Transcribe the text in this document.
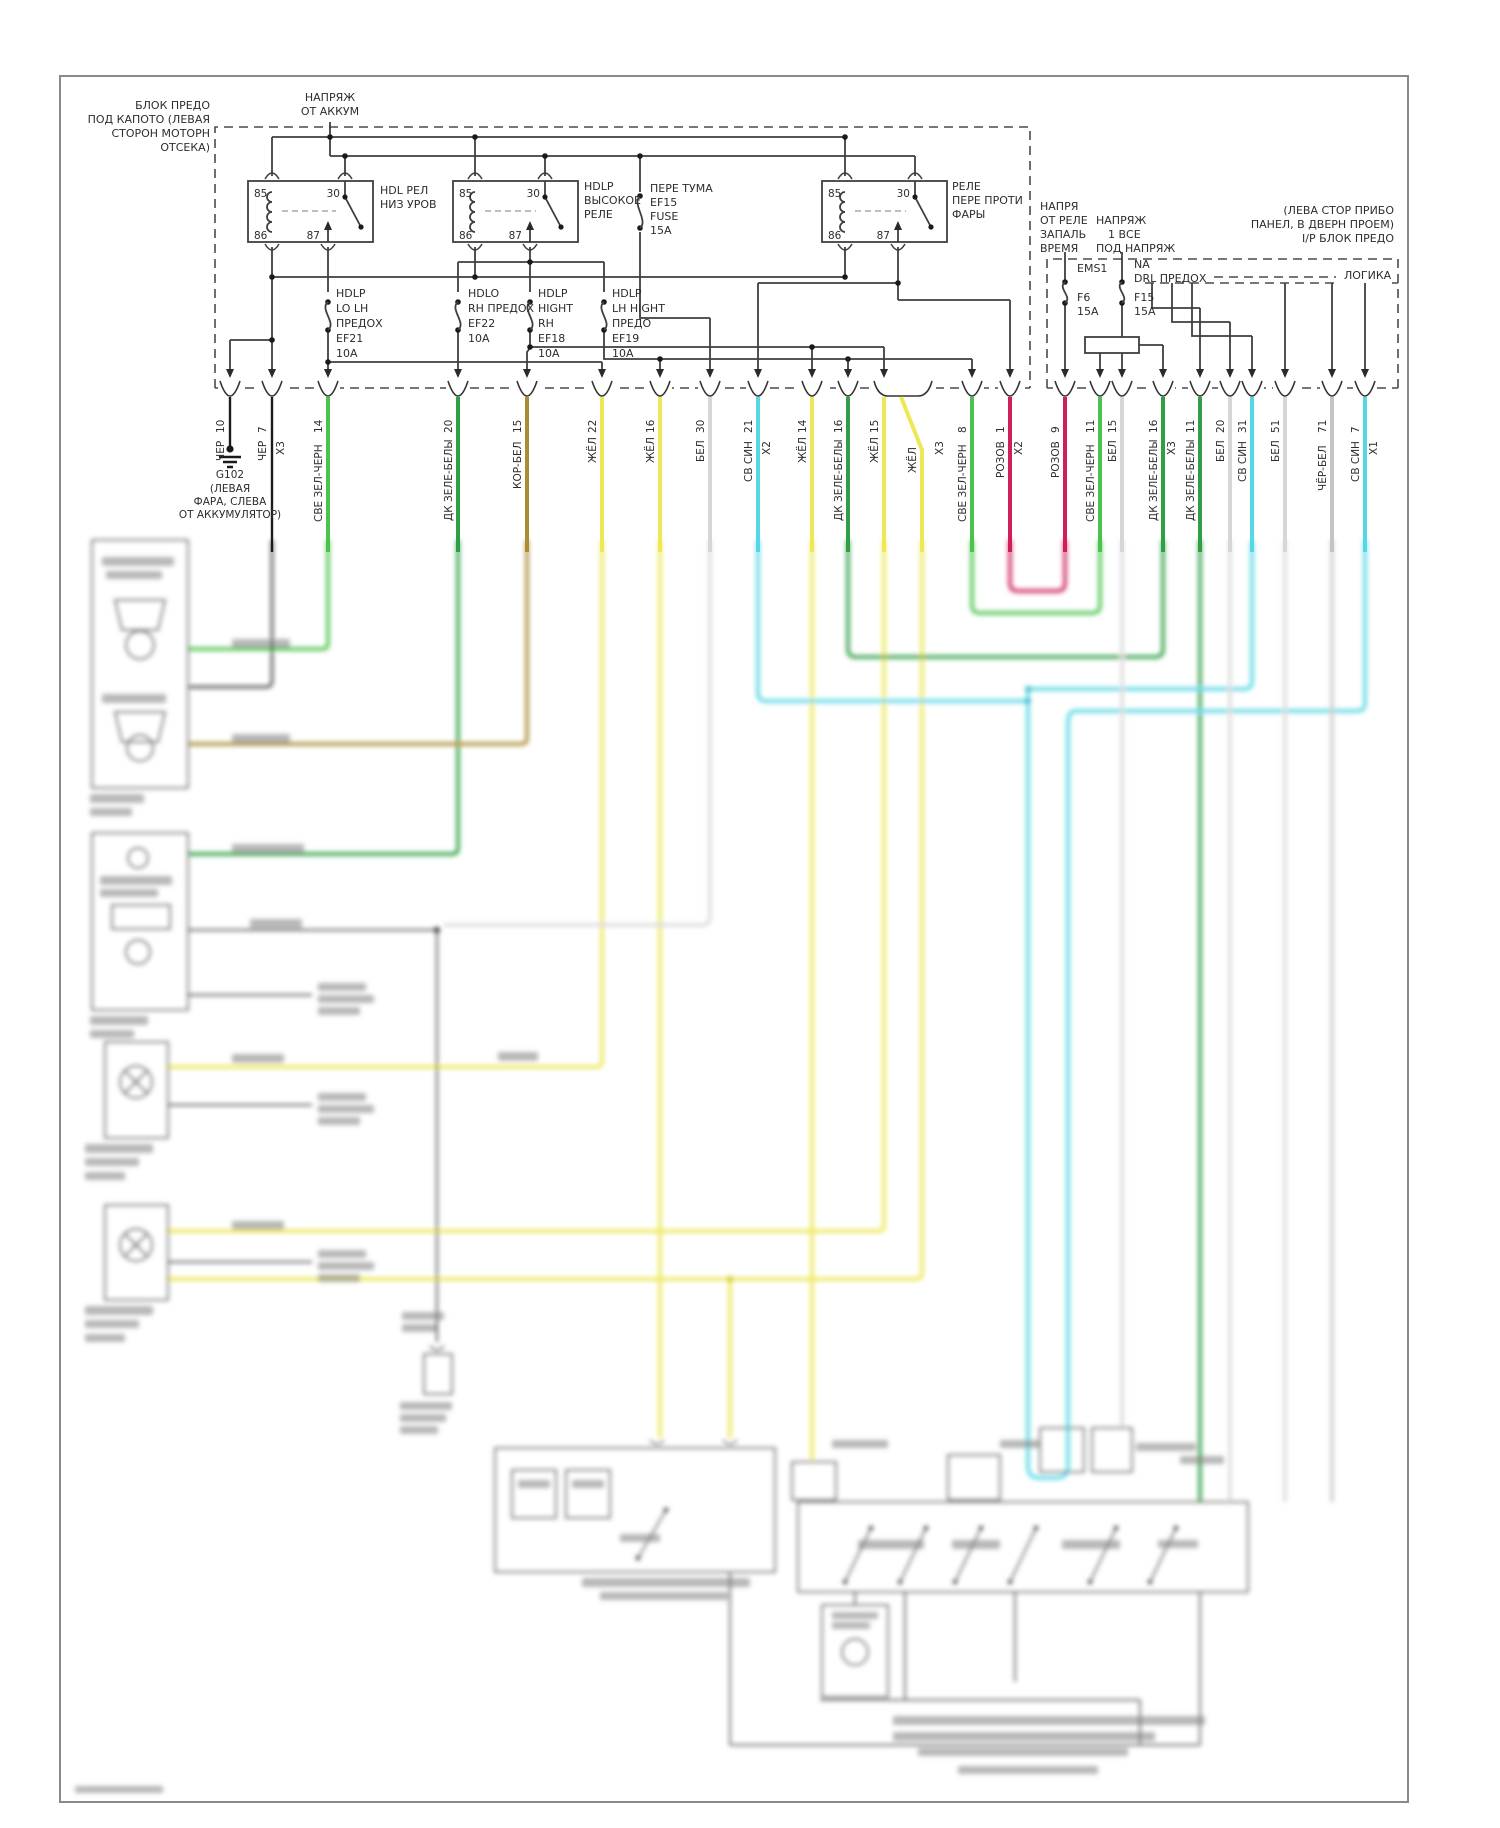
85	30
86	87
85	30
86	87
85	30
86	87
НАПРЯЖ
ОТ АККУМ
БЛОК ПРЕДО
ПОД КАПОТО (ЛЕВАЯ
СТОРОН МОТОРН
ОТСЕКА)
HDL РЕЛ
НИЗ УРОВ
HDLP
ВЫСОКОЕ
РЕЛЕ
РЕЛЕ
ПЕРЕ ПРОТИ
ФАРЫ
ПЕРЕ ТУМА
EF15
FUSE
15A
HDLP
LO LH
ПРЕДОХ
EF21
10A
HDLO
RH ПРЕДОХ
EF22
10A
HDLP
HIGHT
RH
EF18
10A
HDLP
LH HIGHT
ПРЕДО
EF19
10A
НАПРЯ
ОТ РЕЛЕ
ЗАПАЛЬ
ВРЕМЯ
НАПРЯЖ
1 ВСЕ
ПОД НАПРЯЖ
(ЛЕВА СТОР ПРИБО
ПАНЕЛ, В ДВЕРН ПРОЕМ)
I/P БЛОК ПРЕДО
ЛОГИКА
EMS1
F6
15A
NA
DRL ПРЕДОХ
F15
15A
G102
(ЛЕВАЯ
ФАРА, СЛЕВА
ОТ АККУМУЛЯТОР)
10
ЧЕР
7
ЧЕР X3
14
СВЕ ЗЕЛ-ЧЕРН
20
ДК ЗЕЛЕ-БЕЛЫ
15
КОР-БЕЛ
22
ЖЁЛ
16
ЖЁЛ
30
БЕЛ
21
СВ СИН X2
14
ЖЁЛ
16
ДК ЗЕЛЕ-БЕЛЫ
15
ЖЁЛ ЖЁЛ X3
8
СВЕ ЗЕЛ-ЧЕРН
1
РОЗОВ X2
9
РОЗОВ
11
СВЕ ЗЕЛ-ЧЕРН
15
БЕЛ
16
ДК ЗЕЛЕ-БЕЛЫ X3
11
ДК ЗЕЛЕ-БЕЛЫ
20
БЕЛ
31
СВ СИН
51
БЕЛ
71
ЧЁР-БЕЛ
7
СВ СИН X1
